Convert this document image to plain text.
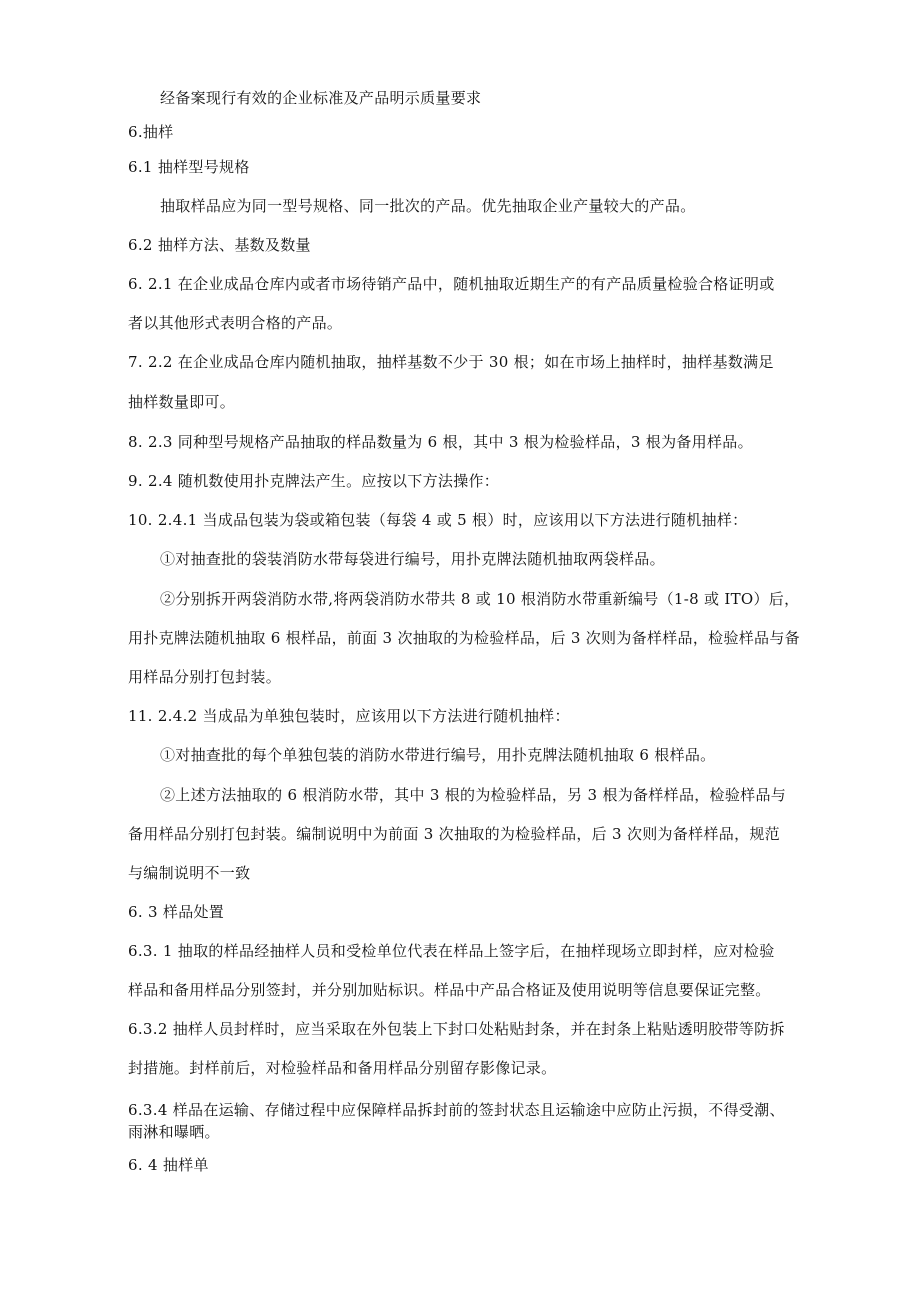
经备案现行有效的企业标准及产品明示质量要求
6.抽样
6.1 抽样型号规格
抽取样品应为同一型号规格、同一批次的产品。优先抽取企业产量较大的产品。
6.2 抽样方法、基数及数量
6. 2.1 在企业成品仓库内或者市场待销产品中，随机抽取近期生产的有产品质量检验合格证明或
者以其他形式表明合格的产品。
7. 2.2 在企业成品仓库内随机抽取，抽样基数不少于 30 根；如在市场上抽样时，抽样基数满足
抽样数量即可。
8. 2.3 同种型号规格产品抽取的样品数量为 6 根，其中 3 根为检验样品，3 根为备用样品。
9. 2.4 随机数使用扑克牌法产生。应按以下方法操作：
10. 2.4.1 当成品包装为袋或箱包装（每袋 4 或 5 根）时，应该用以下方法进行随机抽样：
①对抽查批的袋装消防水带每袋进行编号，用扑克牌法随机抽取两袋样品。
②分别拆开两袋消防水带,将两袋消防水带共 8 或 10 根消防水带重新编号（1-8 或 ITO）后，
用扑克牌法随机抽取 6 根样品，前面 3 次抽取的为检验样品，后 3 次则为备样样品，检验样品与备
用样品分别打包封装。
11. 2.4.2 当成品为单独包装时，应该用以下方法进行随机抽样：
①对抽查批的每个单独包装的消防水带进行编号，用扑克牌法随机抽取 6 根样品。
②上述方法抽取的 6 根消防水带，其中 3 根的为检验样品，另 3 根为备样样品，检验样品与
备用样品分别打包封装。编制说明中为前面 3 次抽取的为检验样品，后 3 次则为备样样品，规范
与编制说明不一致
6. 3 样品处置
6.3. 1 抽取的样品经抽样人员和受检单位代表在样品上签字后，在抽样现场立即封样，应对检验
样品和备用样品分别签封，并分别加贴标识。样品中产品合格证及使用说明等信息要保证完整。
6.3.2 抽样人员封样时，应当采取在外包装上下封口处粘贴封条，并在封条上粘贴透明胶带等防拆
封措施。封样前后，对检验样品和备用样品分别留存影像记录。
6.3.4 样品在运输、存储过程中应保障样品拆封前的签封状态且运输途中应防止污损，不得受潮、
雨淋和曝晒。
6. 4 抽样单
